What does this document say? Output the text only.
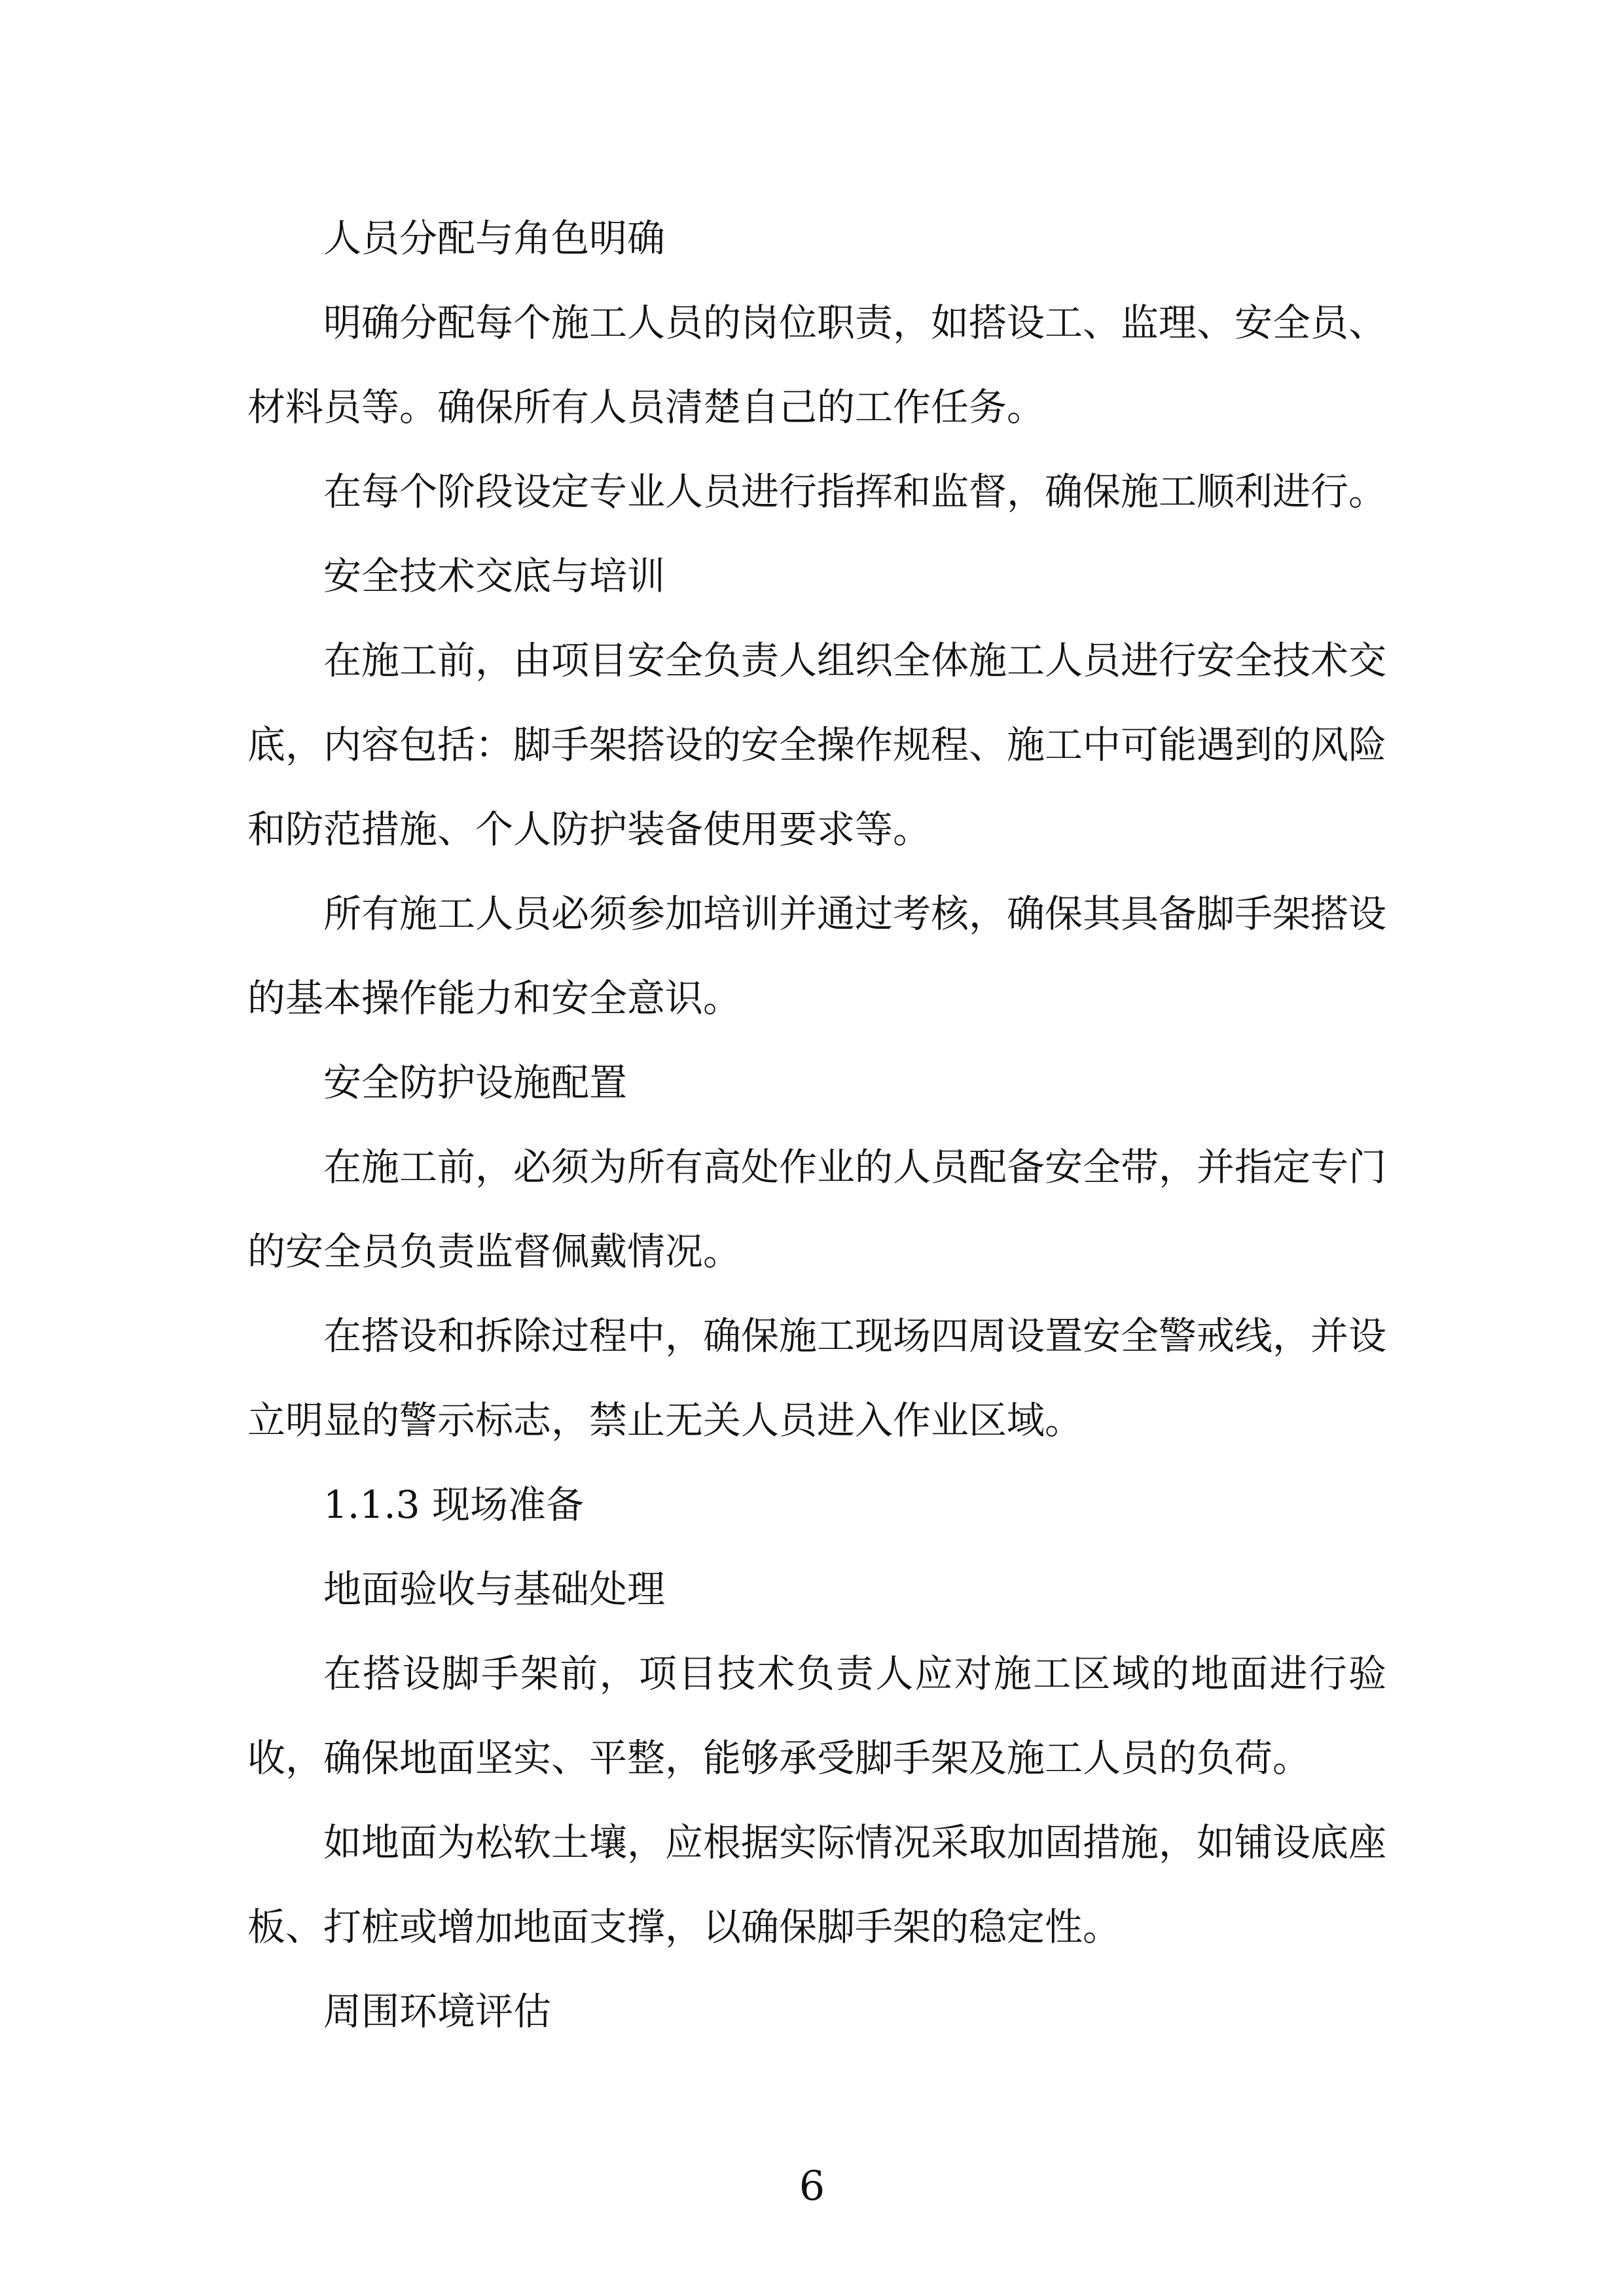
人员分配与角色明确

明确分配每个施工人员的岗位职责，如搭设工、监理、安全员、材料员等。确保所有人员清楚自己的工作任务。

在每个阶段设定专业人员进行指挥和监督，确保施工顺利进行。

安全技术交底与培训

在施工前，由项目安全负责人组织全体施工人员进行安全技术交底，内容包括：脚手架搭设的安全操作规程、施工中可能遇到的风险和防范措施、个人防护装备使用要求等。

所有施工人员必须参加培训并通过考核，确保其具备脚手架搭设的基本操作能力和安全意识。

安全防护设施配置

在施工前，必须为所有高处作业的人员配备安全带，并指定专门的安全员负责监督佩戴情况。

在搭设和拆除过程中，确保施工现场四周设置安全警戒线，并设立明显的警示标志，禁止无关人员进入作业区域。

1.1.3 现场准备

地面验收与基础处理

在搭设脚手架前，项目技术负责人应对施工区域的地面进行验收，确保地面坚实、平整，能够承受脚手架及施工人员的负荷。

如地面为松软土壤，应根据实际情况采取加固措施，如铺设底座板、打桩或增加地面支撑，以确保脚手架的稳定性。

周围环境评估

6
